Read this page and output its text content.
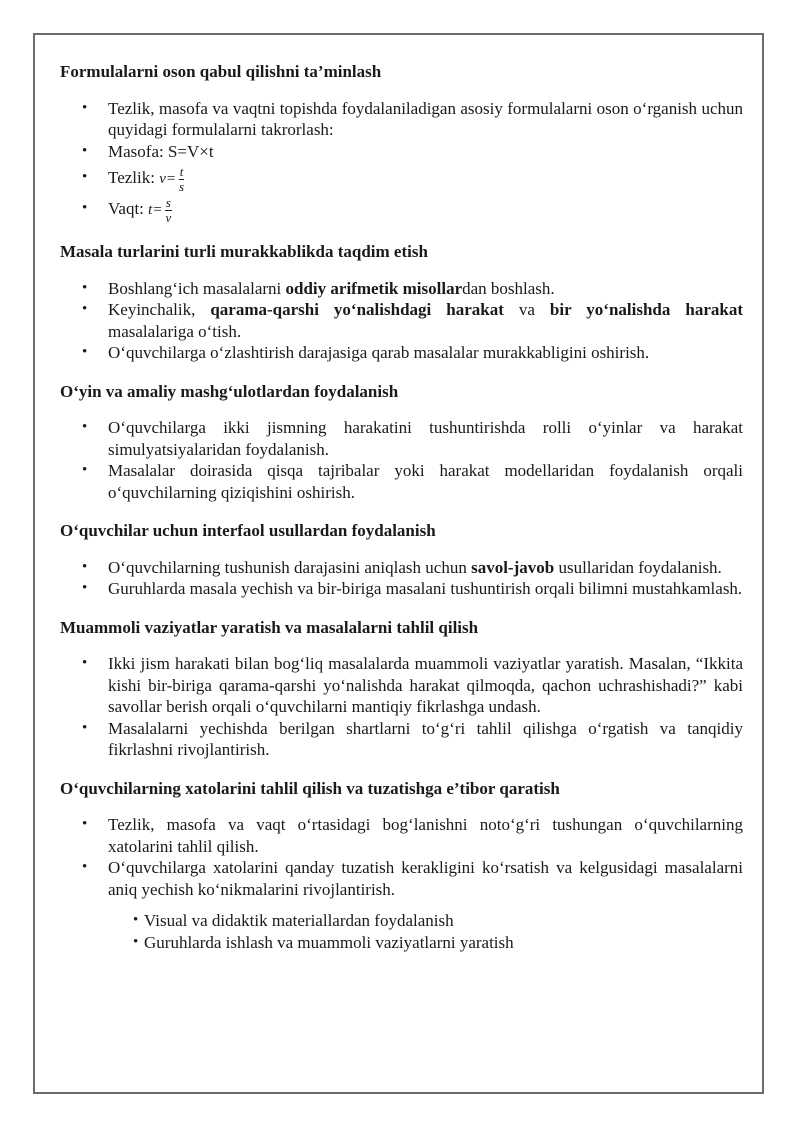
Formulalarni oson qabul qilishni ta’minlash
• Tezlik, masofa va vaqtni topishda foydalaniladigan asosiy formulalarni oson o‘rganish uchun quyidagi formulalarni takrorlash:
• Masofa: S=V×t
• Tezlik: $v= \frac{t}{s}$
• Vaqt: $t= \frac{s}{v}$
Masala turlarini turli murakkablikda taqdim etish
• Boshlang‘ich masalalarni oddiy arifmetik misollardan boshlash.
• Keyinchalik, qarama-qarshi yo‘nalishdagi harakat va bir yo‘nalishda harakat masalalariga o‘tish.
• O‘quvchilarga o‘zlashtirish darajasiga qarab masalalar murakkabligini oshirish.
O‘yin va amaliy mashg‘ulotlardan foydalanish
• O‘quvchilarga ikki jismning harakatini tushuntirishda rolli o‘yinlar va harakat simulyatsiyalaridan foydalanish.
• Masalalar doirasida qisqa tajribalar yoki harakat modellaridan foydalanish orqali o‘quvchilarning qiziqishini oshirish.
O‘quvchilar uchun interfaol usullardan foydalanish
• O‘quvchilarning tushunish darajasini aniqlash uchun savol-javob usullaridan foydalanish.
• Guruhlarda masala yechish va bir-biriga masalani tushuntirish orqali bilimni mustahkamlash.
Muammoli vaziyatlar yaratish va masalalarni tahlil qilish
• Ikki jism harakati bilan bog‘liq masalalarda muammoli vaziyatlar yaratish. Masalan, “Ikkita kishi bir-biriga qarama-qarshi yo‘nalishda harakat qilmoqda, qachon uchrashishadi?” kabi savollar berish orqali o‘quvchilarni mantiqiy fikrlashga undash.
• Masalalarni yechishda berilgan shartlarni to‘g‘ri tahlil qilishga o‘rgatish va tanqidiy fikrlashni rivojlantirish.
O‘quvchilarning xatolarini tahlil qilish va tuzatishga e’tibor qaratish
• Tezlik, masofa va vaqt o‘rtasidagi bog‘lanishni noto‘g‘ri tushungan o‘quvchilarning xatolarini tahlil qilish.
• O‘quvchilarga xatolarini qanday tuzatish kerakligini ko‘rsatish va kelgusidagi masalalarni aniq yechish ko‘nikmalarini rivojlantirish.
• Visual va didaktik materiallardan foydalanish
• Guruhlarda ishlash va muammoli vaziyatlarni yaratish
